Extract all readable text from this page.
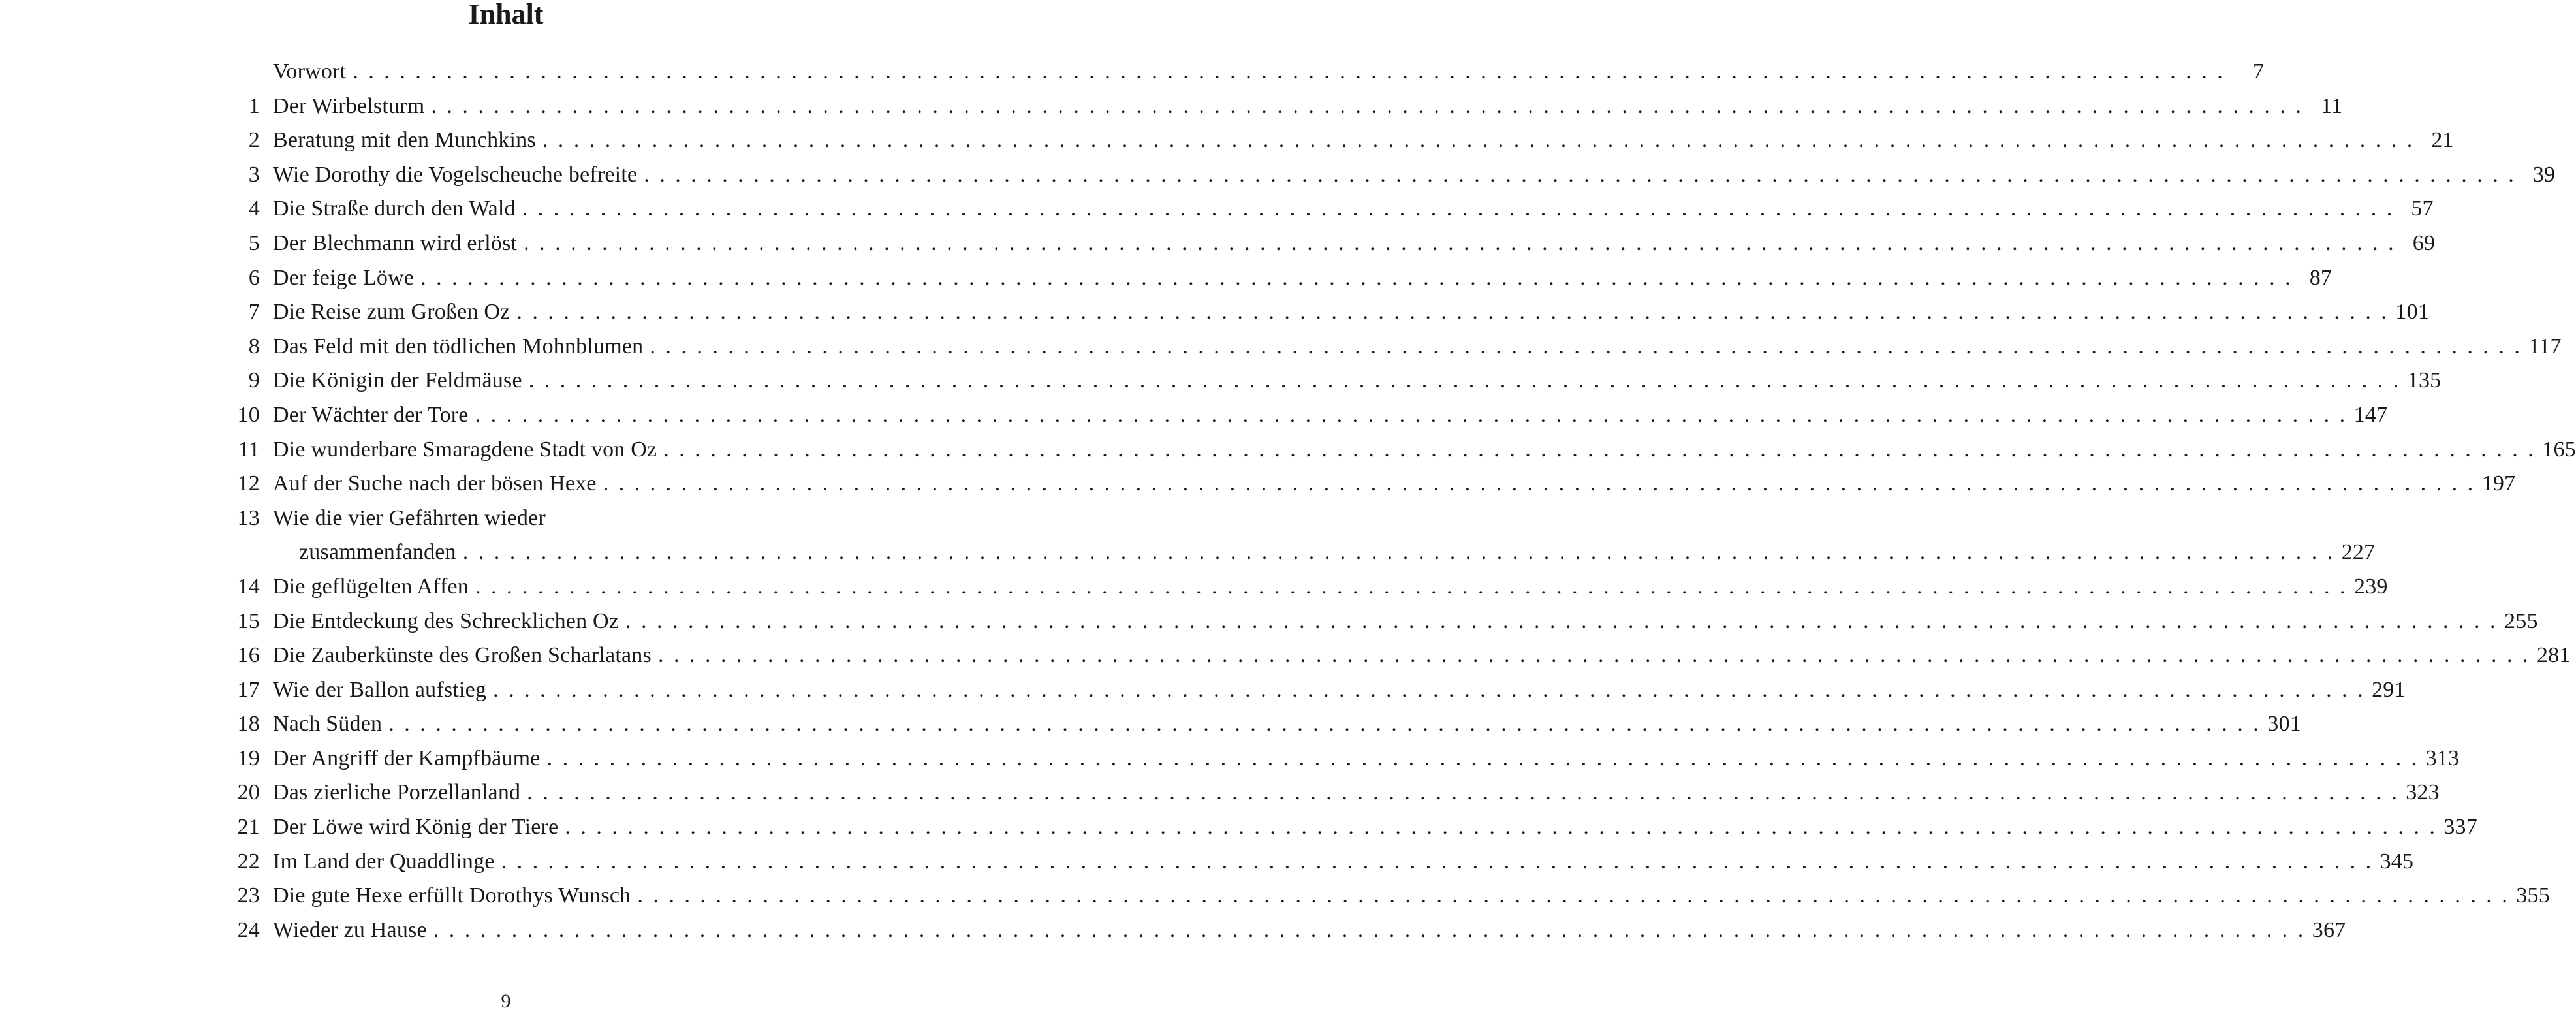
Inhalt
Vorwort . . . . . . . . . . . . . . . . . . . . . . . . . . . . . . . . . . . . . . . . . . . . . . . . . . . . . . . . . . . . . . . . . . . . . . . . . . . . . . . . . . . . . . . . . . . . . . . . . . . . . . . . . . . . . . . . . . . . . . . .	7
1 Der Wirbelsturm . . . . . . . . . . . . . . . . . . . . . . . . . . . . . . . . . . . . . . . . . . . . . . . . . . . . . . . . . . . . . . . . . . . . . . . . . . . . . . . . . . . . . . . . . . . . . . . . . . . . . . . . . . . . . . . . . . . . . . . . 11
2 Beratung mit den Munchkins . . . . . . . . . . . . . . . . . . . . . . . . . . . . . . . . . . . . . . . . . . . . . . . . . . . . . . . . . . . . . . . . . . . . . . . . . . . . . . . . . . . . . . . . . . . . . . . . . . . . . . . . . . . . . . . . . . . . . . . . 21
3 Wie Dorothy die Vogelscheuche befreite . . . . . . . . . . . . . . . . . . . . . . . . . . . . . . . . . . . . . . . . . . . . . . . . . . . . . . . . . . . . . . . . . . . . . . . . . . . . . . . . . . . . . . . . . . . . . . . . . . . . . . . . . . . . . . . . . . . . . . . . 39
4 Die Straße durch den Wald . . . . . . . . . . . . . . . . . . . . . . . . . . . . . . . . . . . . . . . . . . . . . . . . . . . . . . . . . . . . . . . . . . . . . . . . . . . . . . . . . . . . . . . . . . . . . . . . . . . . . . . . . . . . . . . . . . . . . . . . 57
5 Der Blechmann wird erlöst . . . . . . . . . . . . . . . . . . . . . . . . . . . . . . . . . . . . . . . . . . . . . . . . . . . . . . . . . . . . . . . . . . . . . . . . . . . . . . . . . . . . . . . . . . . . . . . . . . . . . . . . . . . . . . . . . . . . . . . . 69
6 Der feige Löwe . . . . . . . . . . . . . . . . . . . . . . . . . . . . . . . . . . . . . . . . . . . . . . . . . . . . . . . . . . . . . . . . . . . . . . . . . . . . . . . . . . . . . . . . . . . . . . . . . . . . . . . . . . . . . . . . . . . . . . . . 87
7 Die Reise zum Großen Oz . . . . . . . . . . . . . . . . . . . . . . . . . . . . . . . . . . . . . . . . . . . . . . . . . . . . . . . . . . . . . . . . . . . . . . . . . . . . . . . . . . . . . . . . . . . . . . . . . . . . . . . . . . . . . . . . . . . . . . . . 101
8 Das Feld mit den tödlichen Mohnblumen . . . . . . . . . . . . . . . . . . . . . . . . . . . . . . . . . . . . . . . . . . . . . . . . . . . . . . . . . . . . . . . . . . . . . . . . . . . . . . . . . . . . . . . . . . . . . . . . . . . . . . . . . . . . . . . . . . . . . . . . 117
9 Die Königin der Feldmäuse . . . . . . . . . . . . . . . . . . . . . . . . . . . . . . . . . . . . . . . . . . . . . . . . . . . . . . . . . . . . . . . . . . . . . . . . . . . . . . . . . . . . . . . . . . . . . . . . . . . . . . . . . . . . . . . . . . . . . . . . 135
10 Der Wächter der Tore . . . . . . . . . . . . . . . . . . . . . . . . . . . . . . . . . . . . . . . . . . . . . . . . . . . . . . . . . . . . . . . . . . . . . . . . . . . . . . . . . . . . . . . . . . . . . . . . . . . . . . . . . . . . . . . . . . . . . . . . 147
11 Die wunderbare Smaragdene Stadt von Oz . . . . . . . . . . . . . . . . . . . . . . . . . . . . . . . . . . . . . . . . . . . . . . . . . . . . . . . . . . . . . . . . . . . . . . . . . . . . . . . . . . . . . . . . . . . . . . . . . . . . . . . . . . . . . . . . . . . . . . . . 165
12 Auf der Suche nach der bösen Hexe . . . . . . . . . . . . . . . . . . . . . . . . . . . . . . . . . . . . . . . . . . . . . . . . . . . . . . . . . . . . . . . . . . . . . . . . . . . . . . . . . . . . . . . . . . . . . . . . . . . . . . . . . . . . . . . . . . . . . . . . 197
13 Wie die vier Gefährten wieder
zusammenfanden . . . . . . . . . . . . . . . . . . . . . . . . . . . . . . . . . . . . . . . . . . . . . . . . . . . . . . . . . . . . . . . . . . . . . . . . . . . . . . . . . . . . . . . . . . . . . . . . . . . . . . . . . . . . . . . . . . . . . . . . 227
14 Die geflügelten Affen . . . . . . . . . . . . . . . . . . . . . . . . . . . . . . . . . . . . . . . . . . . . . . . . . . . . . . . . . . . . . . . . . . . . . . . . . . . . . . . . . . . . . . . . . . . . . . . . . . . . . . . . . . . . . . . . . . . . . . . . 239
15 Die Entdeckung des Schrecklichen Oz . . . . . . . . . . . . . . . . . . . . . . . . . . . . . . . . . . . . . . . . . . . . . . . . . . . . . . . . . . . . . . . . . . . . . . . . . . . . . . . . . . . . . . . . . . . . . . . . . . . . . . . . . . . . . . . . . . . . . . . . 255
16 Die Zauberkünste des Großen Scharlatans . . . . . . . . . . . . . . . . . . . . . . . . . . . . . . . . . . . . . . . . . . . . . . . . . . . . . . . . . . . . . . . . . . . . . . . . . . . . . . . . . . . . . . . . . . . . . . . . . . . . . . . . . . . . . . . . . . . . . . . . 281
17 Wie der Ballon aufstieg . . . . . . . . . . . . . . . . . . . . . . . . . . . . . . . . . . . . . . . . . . . . . . . . . . . . . . . . . . . . . . . . . . . . . . . . . . . . . . . . . . . . . . . . . . . . . . . . . . . . . . . . . . . . . . . . . . . . . . . . 291
18 Nach Süden . . . . . . . . . . . . . . . . . . . . . . . . . . . . . . . . . . . . . . . . . . . . . . . . . . . . . . . . . . . . . . . . . . . . . . . . . . . . . . . . . . . . . . . . . . . . . . . . . . . . . . . . . . . . . . . . . . . . . . . . 301
19 Der Angriff der Kampfbäume . . . . . . . . . . . . . . . . . . . . . . . . . . . . . . . . . . . . . . . . . . . . . . . . . . . . . . . . . . . . . . . . . . . . . . . . . . . . . . . . . . . . . . . . . . . . . . . . . . . . . . . . . . . . . . . . . . . . . . . . 313
20 Das zierliche Porzellanland . . . . . . . . . . . . . . . . . . . . . . . . . . . . . . . . . . . . . . . . . . . . . . . . . . . . . . . . . . . . . . . . . . . . . . . . . . . . . . . . . . . . . . . . . . . . . . . . . . . . . . . . . . . . . . . . . . . . . . . . 323
21 Der Löwe wird König der Tiere . . . . . . . . . . . . . . . . . . . . . . . . . . . . . . . . . . . . . . . . . . . . . . . . . . . . . . . . . . . . . . . . . . . . . . . . . . . . . . . . . . . . . . . . . . . . . . . . . . . . . . . . . . . . . . . . . . . . . . . . 337
22 Im Land der Quaddlinge . . . . . . . . . . . . . . . . . . . . . . . . . . . . . . . . . . . . . . . . . . . . . . . . . . . . . . . . . . . . . . . . . . . . . . . . . . . . . . . . . . . . . . . . . . . . . . . . . . . . . . . . . . . . . . . . . . . . . . . . 345
23 Die gute Hexe erfüllt Dorothys Wunsch . . . . . . . . . . . . . . . . . . . . . . . . . . . . . . . . . . . . . . . . . . . . . . . . . . . . . . . . . . . . . . . . . . . . . . . . . . . . . . . . . . . . . . . . . . . . . . . . . . . . . . . . . . . . . . . . . . . . . . . . 355
24 Wieder zu Hause . . . . . . . . . . . . . . . . . . . . . . . . . . . . . . . . . . . . . . . . . . . . . . . . . . . . . . . . . . . . . . . . . . . . . . . . . . . . . . . . . . . . . . . . . . . . . . . . . . . . . . . . . . . . . . . . . . . . . . . . 367
9
